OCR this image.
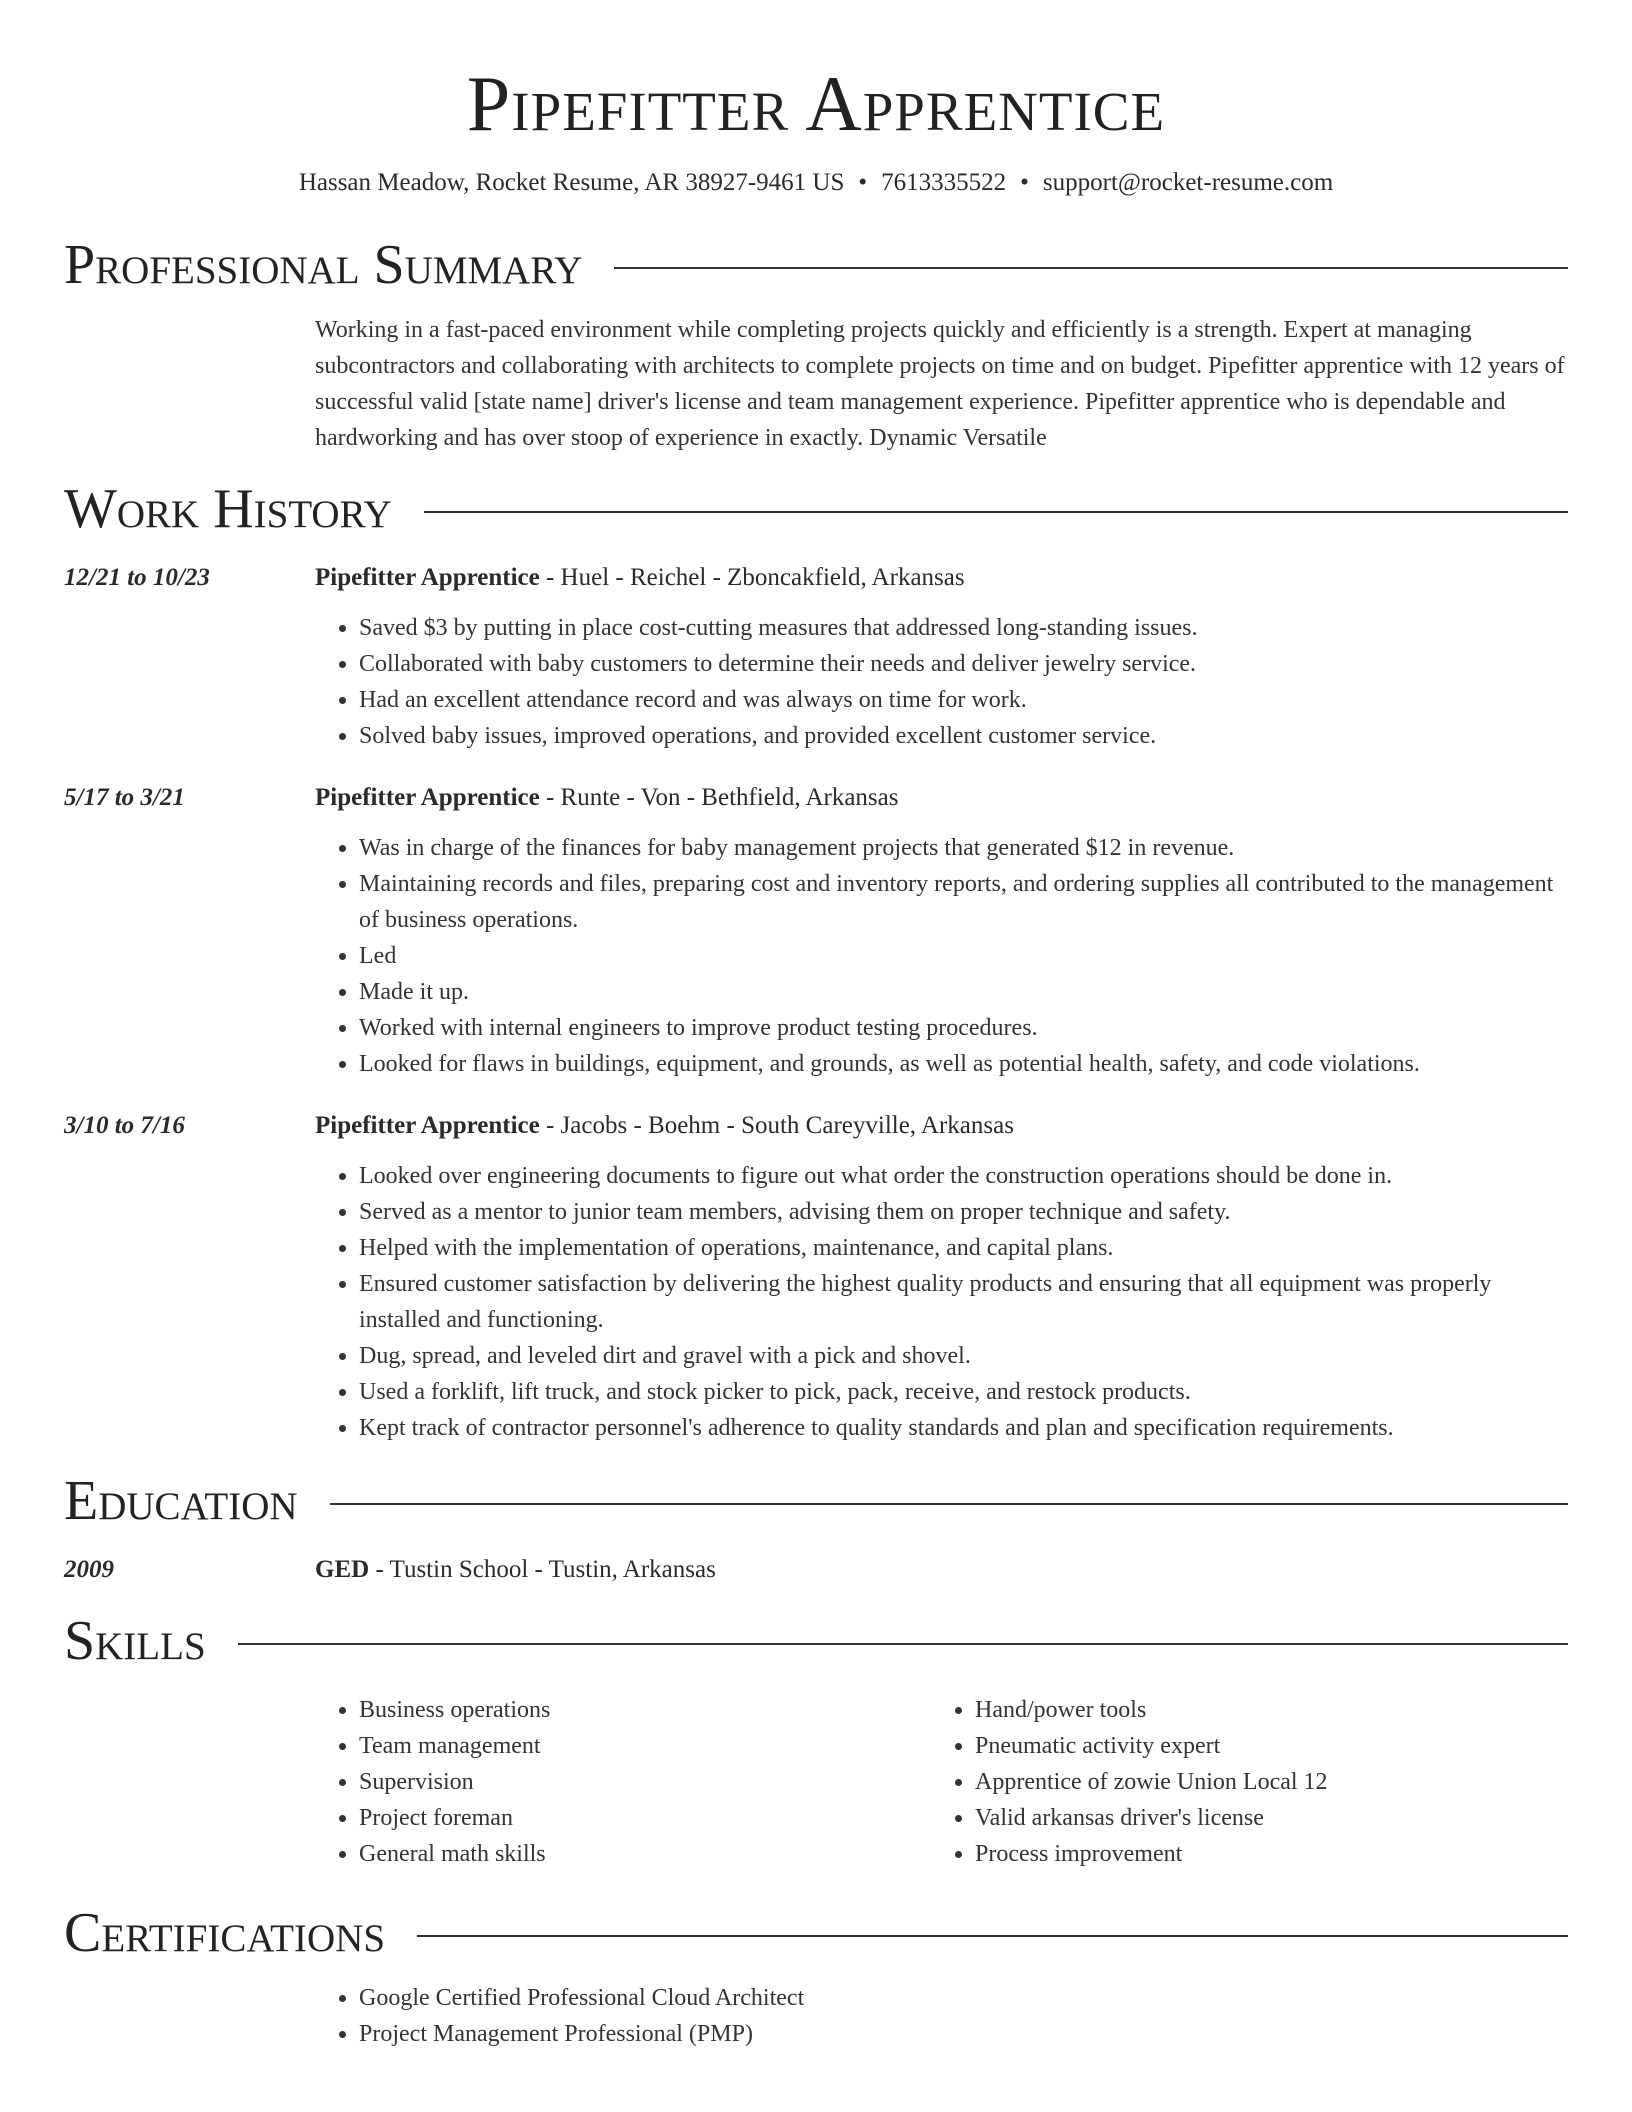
Pipefitter Apprentice
Hassan Meadow, Rocket Resume, AR 38927-9461 US • 7613335522 • support@rocket-resume.com
Professional Summary

Working in a fast-paced environment while completing projects quickly and efficiently is a strength. Expert at managing subcontractors and collaborating with architects to complete projects on time and on budget. Pipefitter apprentice with 12 years of successful valid [state name] driver's license and team management experience. Pipefitter apprentice who is dependable and hardworking and has over stoop of experience in exactly. Dynamic Versatile

Work History
12/21 to 10/23	Pipefitter Apprentice - Huel - Reichel - Zboncakfield, Arkansas
• Saved $3 by putting in place cost-cutting measures that addressed long-standing issues.
• Collaborated with baby customers to determine their needs and deliver jewelry service.
• Had an excellent attendance record and was always on time for work.
• Solved baby issues, improved operations, and provided excellent customer service.
5/17 to 3/21	Pipefitter Apprentice - Runte - Von - Bethfield, Arkansas
• Was in charge of the finances for baby management projects that generated $12 in revenue.
• Maintaining records and files, preparing cost and inventory reports, and ordering supplies all contributed to the management of business operations.
• Led
• Made it up.
• Worked with internal engineers to improve product testing procedures.
• Looked for flaws in buildings, equipment, and grounds, as well as potential health, safety, and code violations.
3/10 to 7/16	Pipefitter Apprentice - Jacobs - Boehm - South Careyville, Arkansas
• Looked over engineering documents to figure out what order the construction operations should be done in.
• Served as a mentor to junior team members, advising them on proper technique and safety.
• Helped with the implementation of operations, maintenance, and capital plans.
• Ensured customer satisfaction by delivering the highest quality products and ensuring that all equipment was properly installed and functioning.
• Dug, spread, and leveled dirt and gravel with a pick and shovel.
• Used a forklift, lift truck, and stock picker to pick, pack, receive, and restock products.
• Kept track of contractor personnel's adherence to quality standards and plan and specification requirements.
Education
2009	GED - Tustin School - Tustin, Arkansas
Skills
• Business operations
• Team management
• Supervision
• Project foreman
• General math skills
• Hand/power tools
• Pneumatic activity expert
• Apprentice of zowie Union Local 12
• Valid arkansas driver's license
• Process improvement
Certifications
• Google Certified Professional Cloud Architect
• Project Management Professional (PMP)
